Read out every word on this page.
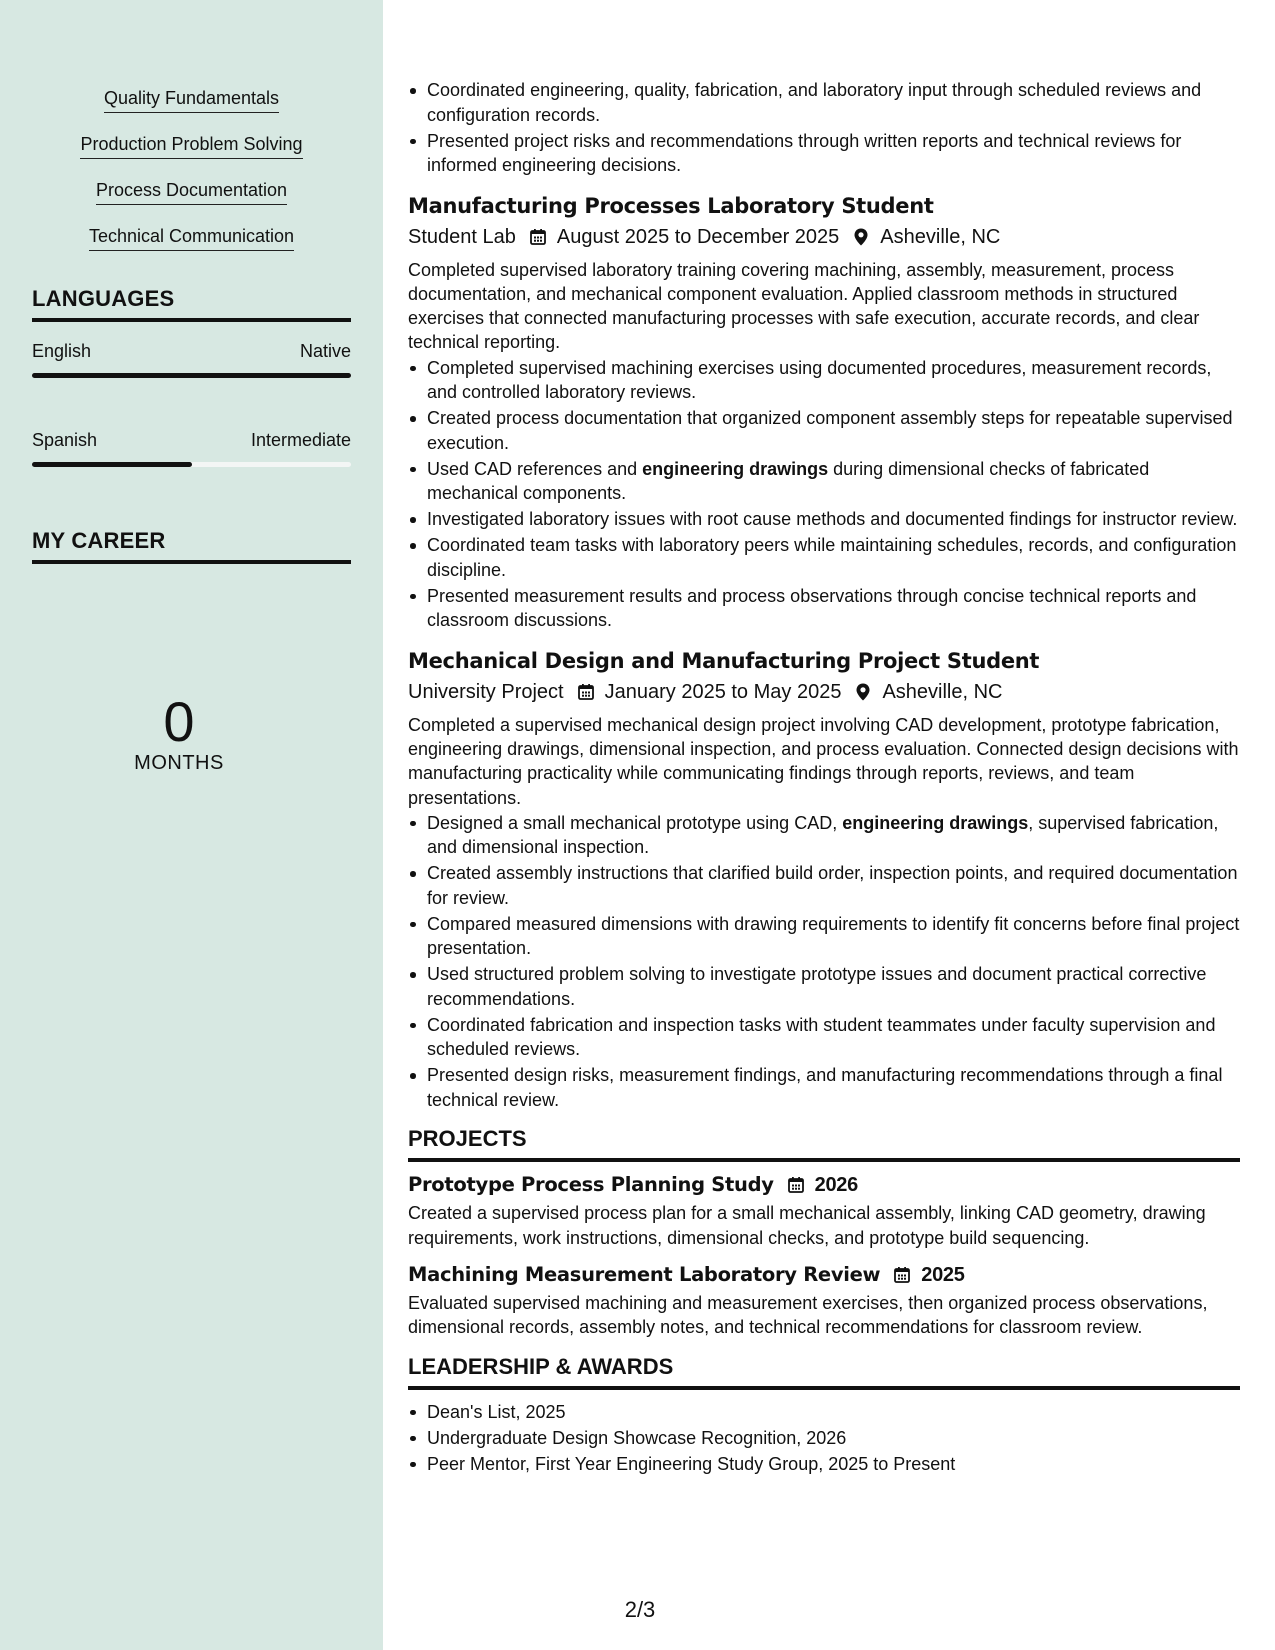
Quality Fundamentals
Production Problem Solving
Process Documentation
Technical Communication
LANGUAGES
English	Native
Spanish	Intermediate
MY CAREER
0
MONTHS
Coordinated engineering, quality, fabrication, and laboratory input through scheduled reviews and configuration records.
Presented project risks and recommendations through written reports and technical reviews for informed engineering decisions.
Manufacturing Processes Laboratory Student
Student Lab August 2025 to December 2025 Asheville, NC

Completed supervised laboratory training covering machining, assembly, measurement, process documentation, and mechanical component evaluation. Applied classroom methods in structured exercises that connected manufacturing processes with safe execution, accurate records, and clear technical reporting.

Completed supervised machining exercises using documented procedures, measurement records, and controlled laboratory reviews.
Created process documentation that organized component assembly steps for repeatable supervised execution.
Used CAD references and engineering drawings during dimensional checks of fabricated mechanical components.
Investigated laboratory issues with root cause methods and documented findings for instructor review.
Coordinated team tasks with laboratory peers while maintaining schedules, records, and configuration discipline.
Presented measurement results and process observations through concise technical reports and classroom discussions.
Mechanical Design and Manufacturing Project Student
University Project January 2025 to May 2025 Asheville, NC

Completed a supervised mechanical design project involving CAD development, prototype fabrication, engineering drawings, dimensional inspection, and process evaluation. Connected design decisions with manufacturing practicality while communicating findings through reports, reviews, and team presentations.

Designed a small mechanical prototype using CAD, engineering drawings, supervised fabrication, and dimensional inspection.
Created assembly instructions that clarified build order, inspection points, and required documentation for review.
Compared measured dimensions with drawing requirements to identify fit concerns before final project presentation.
Used structured problem solving to investigate prototype issues and document practical corrective recommendations.
Coordinated fabrication and inspection tasks with student teammates under faculty supervision and scheduled reviews.
Presented design risks, measurement findings, and manufacturing recommendations through a final technical review.
PROJECTS
Prototype Process Planning Study 2026

Created a supervised process plan for a small mechanical assembly, linking CAD geometry, drawing requirements, work instructions, dimensional checks, and prototype build sequencing.

Machining Measurement Laboratory Review 2025

Evaluated supervised machining and measurement exercises, then organized process observations, dimensional records, assembly notes, and technical recommendations for classroom review.

LEADERSHIP & AWARDS
Dean's List, 2025
Undergraduate Design Showcase Recognition, 2026
Peer Mentor, First Year Engineering Study Group, 2025 to Present
2/3
